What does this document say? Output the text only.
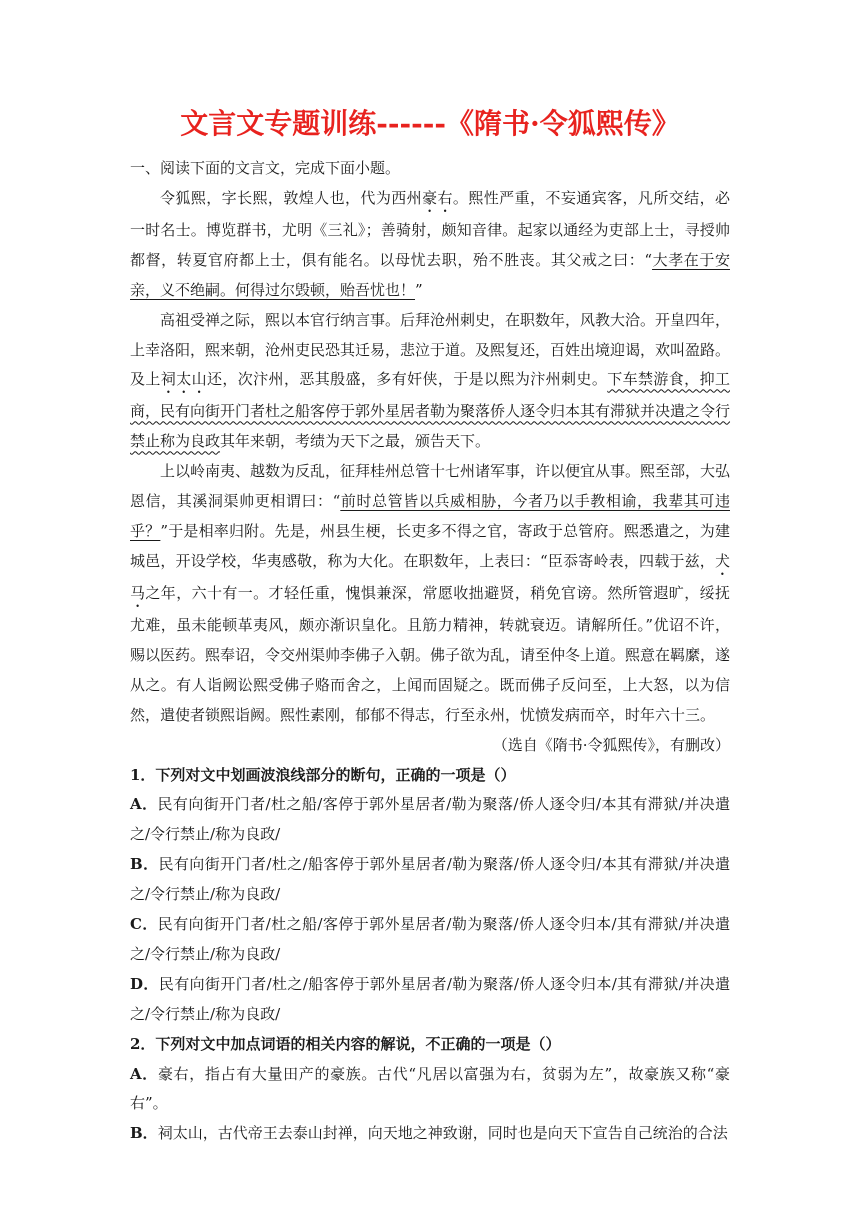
文言文专题训练------《隋书·令狐熙传》

一、阅读下面的文言文，完成下面小题。

令狐熙，字长熙，敦煌人也，代为西州豪右。熙性严重，不妄通宾客，凡所交结，必一时名士。博览群书，尤明《三礼》；善骑射，颇知音律。起家以通经为吏部上士，寻授帅都督，转夏官府都上士，俱有能名。以母忧去职，殆不胜丧。其父戒之曰：“大孝在于安亲，义不绝嗣。何得过尔毁顿，贻吾忧也！”

高祖受禅之际，熙以本官行纳言事。后拜沧州刺史，在职数年，风教大洽。开皇四年，上幸洛阳，熙来朝，沧州吏民恐其迁易，悲泣于道。及熙复还，百姓出境迎谒，欢叫盈路。及上祠太山还，次汴州，恶其殷盛，多有奸侠，于是以熙为汴州刺史。下车禁游食，抑工商，民有向街开门者杜之船客停于郭外星居者勒为聚落侨人逐令归本其有滞狱并决遣之令行禁止称为良政其年来朝，考绩为天下之最，颁告天下。

上以岭南夷、越数为反乱，征拜桂州总管十七州诸军事，许以便宜从事。熙至部，大弘恩信，其溪洞渠帅更相谓曰：“前时总管皆以兵威相胁，今者乃以手教相谕，我辈其可违乎？”于是相率归附。先是，州县生梗，长吏多不得之官，寄政于总管府。熙悉遣之，为建城邑，开设学校，华夷感敬，称为大化。在职数年，上表曰：“臣忝寄岭表，四载于兹，犬马之年，六十有一。才轻任重，愧惧兼深，常愿收拙避贤，稍免官谤。然所管遐旷，绥抚尤难，虽未能顿革夷风，颇亦渐识皇化。且筋力精神，转就衰迈。请解所任。”优诏不许，赐以医药。熙奉诏，令交州渠帅李佛子入朝。佛子欲为乱，请至仲冬上道。熙意在羁縻，遂从之。有人诣阙讼熙受佛子赂而舍之，上闻而固疑之。既而佛子反问至，上大怒，以为信然，遣使者锁熙诣阙。熙性素刚，郁郁不得志，行至永州，忧愤发病而卒，时年六十三。

（选自《隋书·令狐熙传》，有删改）

1．下列对文中划画波浪线部分的断句，正确的一项是（）

A．民有向街开门者/杜之船/客停于郭外星居者/勒为聚落/侨人逐令归/本其有滞狱/并决遣之/令行禁止/称为良政/

B．民有向街开门者/杜之/船客停于郭外星居者/勒为聚落/侨人逐令归/本其有滞狱/并决遣之/令行禁止/称为良政/

C．民有向街开门者/杜之船/客停于郭外星居者/勒为聚落/侨人逐令归本/其有滞狱/并决遣之/令行禁止/称为良政/

D．民有向街开门者/杜之/船客停于郭外星居者/勒为聚落/侨人逐令归本/其有滞狱/并决遣之/令行禁止/称为良政/

2．下列对文中加点词语的相关内容的解说，不正确的一项是（）

A．豪右，指占有大量田产的豪族。古代“凡居以富强为右，贫弱为左”，故豪族又称“豪右”。

B．祠太山，古代帝王去泰山封禅，向天地之神致谢，同时也是向天下宣告自己统治的合法
